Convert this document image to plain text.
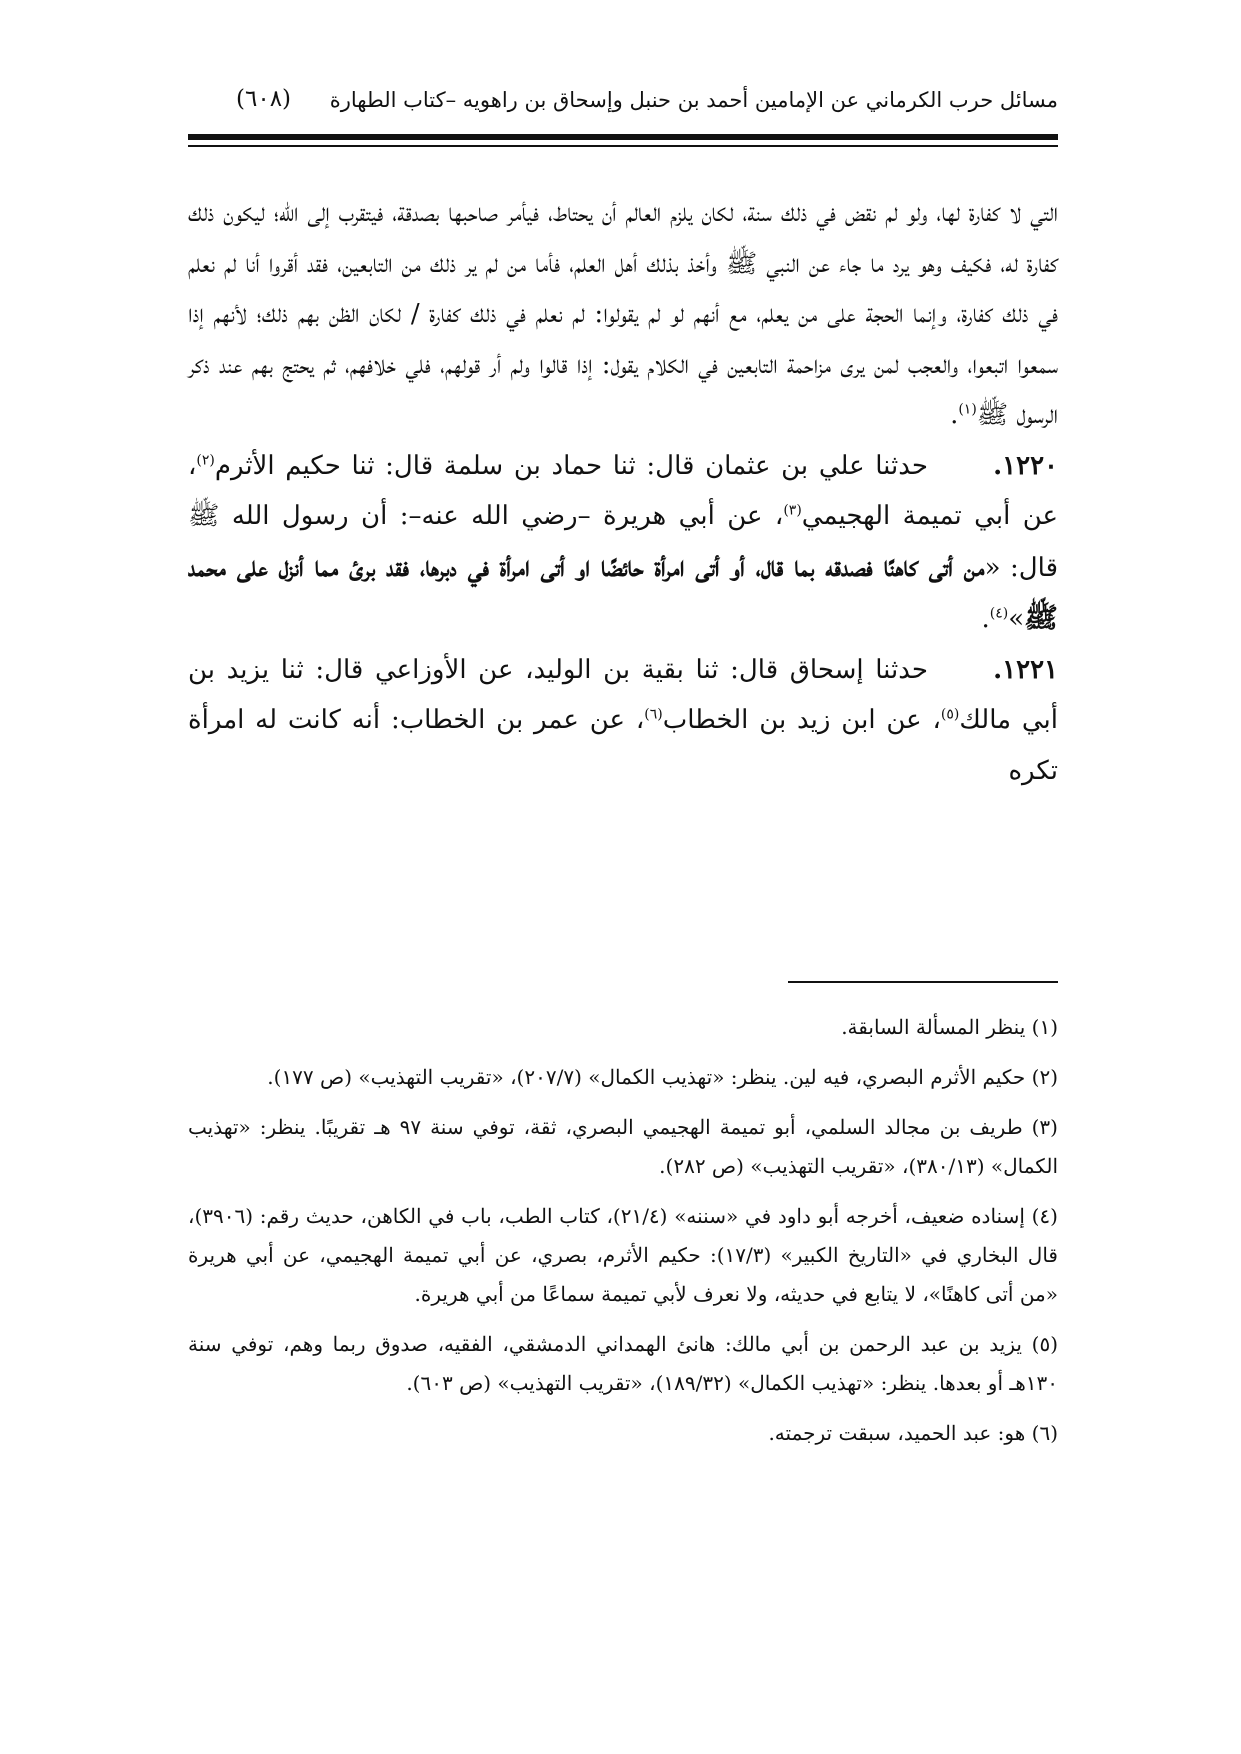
مسائل حرب الكرماني عن الإمامين أحمد بن حنبل وإسحاق بن راهويه –كتاب الطهارة
(٦٠٨)

التي لا كفارة لها، ولو لم نقض في ذلك سنة، لكان يلزم العالم أن يحتاط، فيأمر صاحبها بصدقة، فيتقرب إلى الله؛ ليكون ذلك كفارة له، فكيف وهو يرد ما جاء عن النبي ﷺ وأخذ بذلك أهل العلم، فأما من لم ير ذلك من التابعين، فقد أقروا أنا لم نعلم في ذلك كفارة، وإنما الحجة على من يعلم، مع أنهم لو لم يقولوا: لم نعلم في ذلك كفارة / لكان الظن بهم ذلك؛ لأنهم إذا سمعوا اتبعوا، والعجب لمن يرى مزاحمة التابعين في الكلام يقول: إذا قالوا ولم أر قولهم، فلي خلافهم، ثم يحتج بهم عند ذكر الرسول ﷺ$^{(١)}$.

١٢٢٠.حدثنا علي بن عثمان قال: ثنا حماد بن سلمة قال: ثنا حكيم الأثرم$^{(٢)}$، عن أبي تميمة الهجيمي$^{(٣)}$، عن أبي هريرة –رضي الله عنه–: أن رسول الله ﷺ قال: «من أتى كاهنًا فصدقه بما قال، أو أتى امرأة حائضًا او أتى امرأة في دبرها، فقد برئ مما أنزل على محمد ﷺ»$^{(٤)}$.

١٢٢١.حدثنا إسحاق قال: ثنا بقية بن الوليد، عن الأوزاعي قال: ثنا يزيد بن أبي مالك$^{(٥)}$، عن ابن زيد بن الخطاب$^{(٦)}$، عن عمر بن الخطاب: أنه كانت له امرأة تكره

(١) ينظر المسألة السابقة.

(٢) حكيم الأثرم البصري، فيه لين. ينظر: «تهذيب الكمال» (٢٠٧/٧)، «تقريب التهذيب» (ص ١٧٧).

(٣) طريف بن مجالد السلمي، أبو تميمة الهجيمي البصري، ثقة، توفي سنة ٩٧ هـ تقريبًا. ينظر: «تهذيب الكمال» (٣٨٠/١٣)، «تقريب التهذيب» (ص ٢٨٢).

(٤) إسناده ضعيف، أخرجه أبو داود في «سننه» (٢١/٤)، كتاب الطب، باب في الكاهن، حديث رقم: (٣٩٠٦)، قال البخاري في «التاريخ الكبير» (١٧/٣): حكيم الأثرم، بصري، عن أبي تميمة الهجيمي، عن أبي هريرة «من أتى كاهنًا»، لا يتابع في حديثه، ولا نعرف لأبي تميمة سماعًا من أبي هريرة.

(٥) يزيد بن عبد الرحمن بن أبي مالك: هانئ الهمداني الدمشقي، الفقيه، صدوق ربما وهم، توفي سنة ١٣٠هـ أو بعدها. ينظر: «تهذيب الكمال» (١٨٩/٣٢)، «تقريب التهذيب» (ص ٦٠٣).

(٦) هو: عبد الحميد، سبقت ترجمته.
